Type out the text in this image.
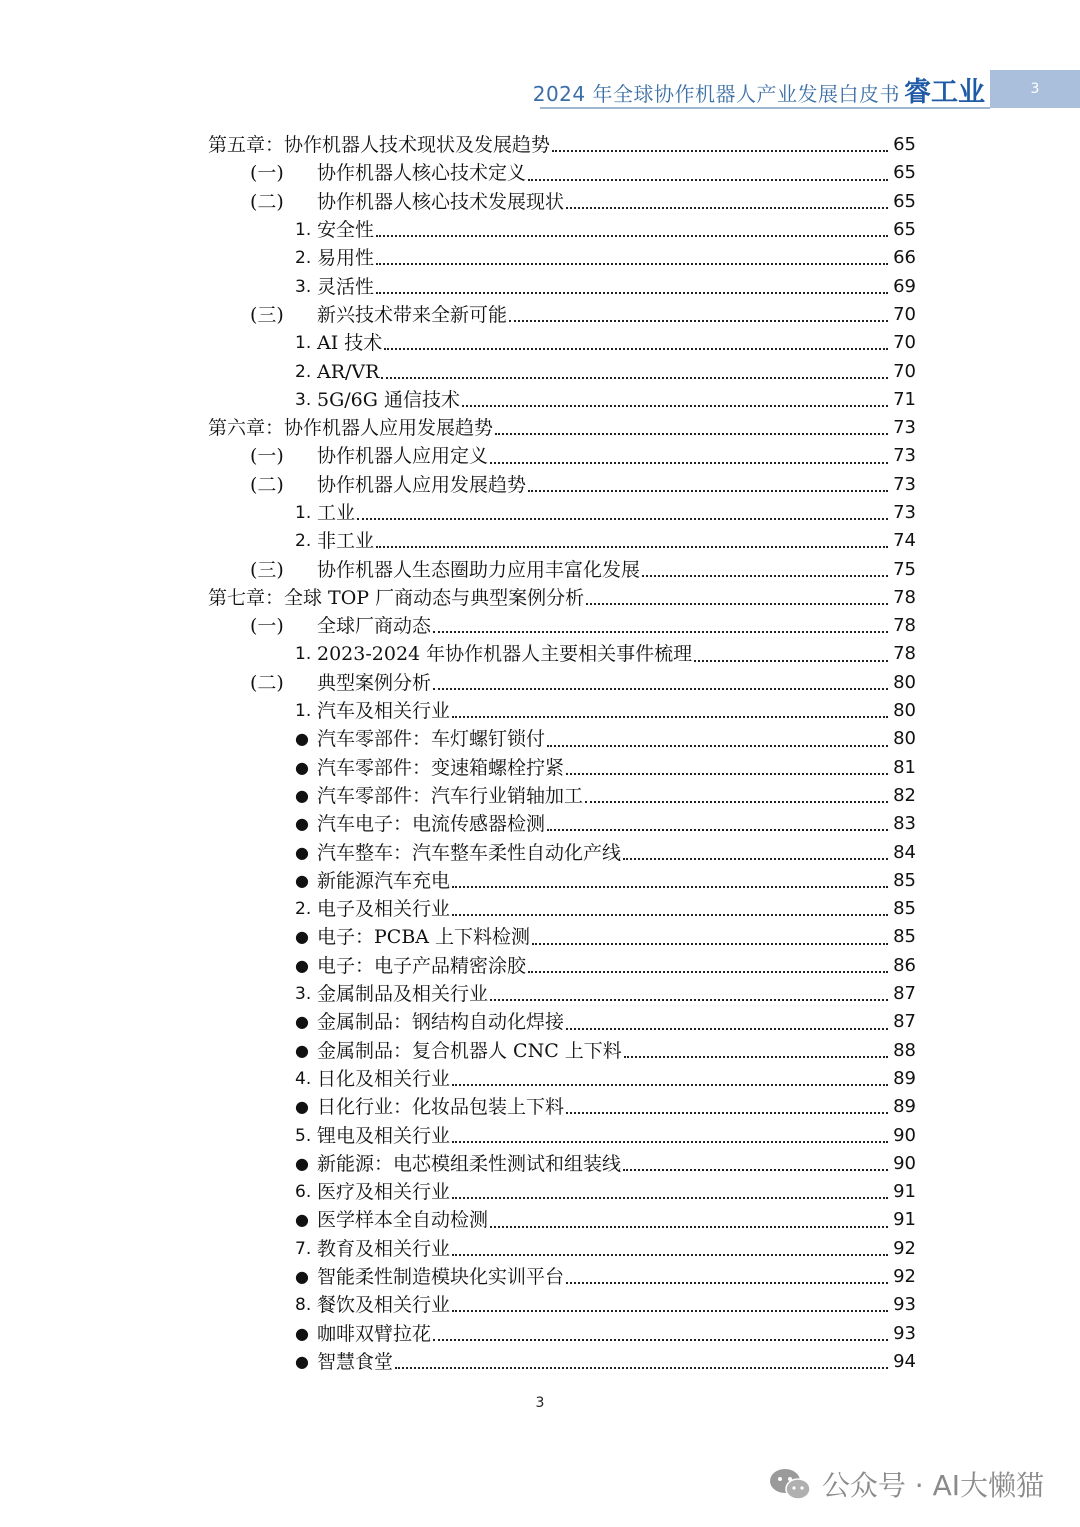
2024 年全球协作机器人产业发展白皮书 睿工业	3
第五章：协作机器人技术现状及发展趋势	65
(一)	协作机器人核心技术定义	65
(二)	协作机器人核心技术发展现状	65
1. 安全性	65
2. 易用性	66
3. 灵活性	69
(三)	新兴技术带来全新可能	70
1. AI 技术	70
2. AR/VR	70
3. 5G/6G 通信技术	71
第六章：协作机器人应用发展趋势	73
(一)	协作机器人应用定义	73
(二)	协作机器人应用发展趋势	73
1. 工业	73
2. 非工业	74
(三)	协作机器人生态圈助力应用丰富化发展	75
第七章：全球 TOP 厂商动态与典型案例分析	78
(一)	全球厂商动态	78
1. 2023-2024 年协作机器人主要相关事件梳理	78
(二)	典型案例分析	80
1. 汽车及相关行业	80
● 汽车零部件：车灯螺钉锁付	80
● 汽车零部件：变速箱螺栓拧紧	81
● 汽车零部件：汽车行业销轴加工	82
● 汽车电子：电流传感器检测	83
● 汽车整车：汽车整车柔性自动化产线	84
● 新能源汽车充电	85
2. 电子及相关行业	85
● 电子：PCBA 上下料检测	85
● 电子：电子产品精密涂胶	86
3. 金属制品及相关行业	87
● 金属制品：钢结构自动化焊接	87
● 金属制品：复合机器人 CNC 上下料	88
4. 日化及相关行业	89
● 日化行业：化妆品包装上下料	89
5. 锂电及相关行业	90
● 新能源：电芯模组柔性测试和组装线	90
6. 医疗及相关行业	91
● 医学样本全自动检测	91
7. 教育及相关行业	92
● 智能柔性制造模块化实训平台	92
8. 餐饮及相关行业	93
● 咖啡双臂拉花	93
● 智慧食堂	94
3
公众号 · AI大懒猫
